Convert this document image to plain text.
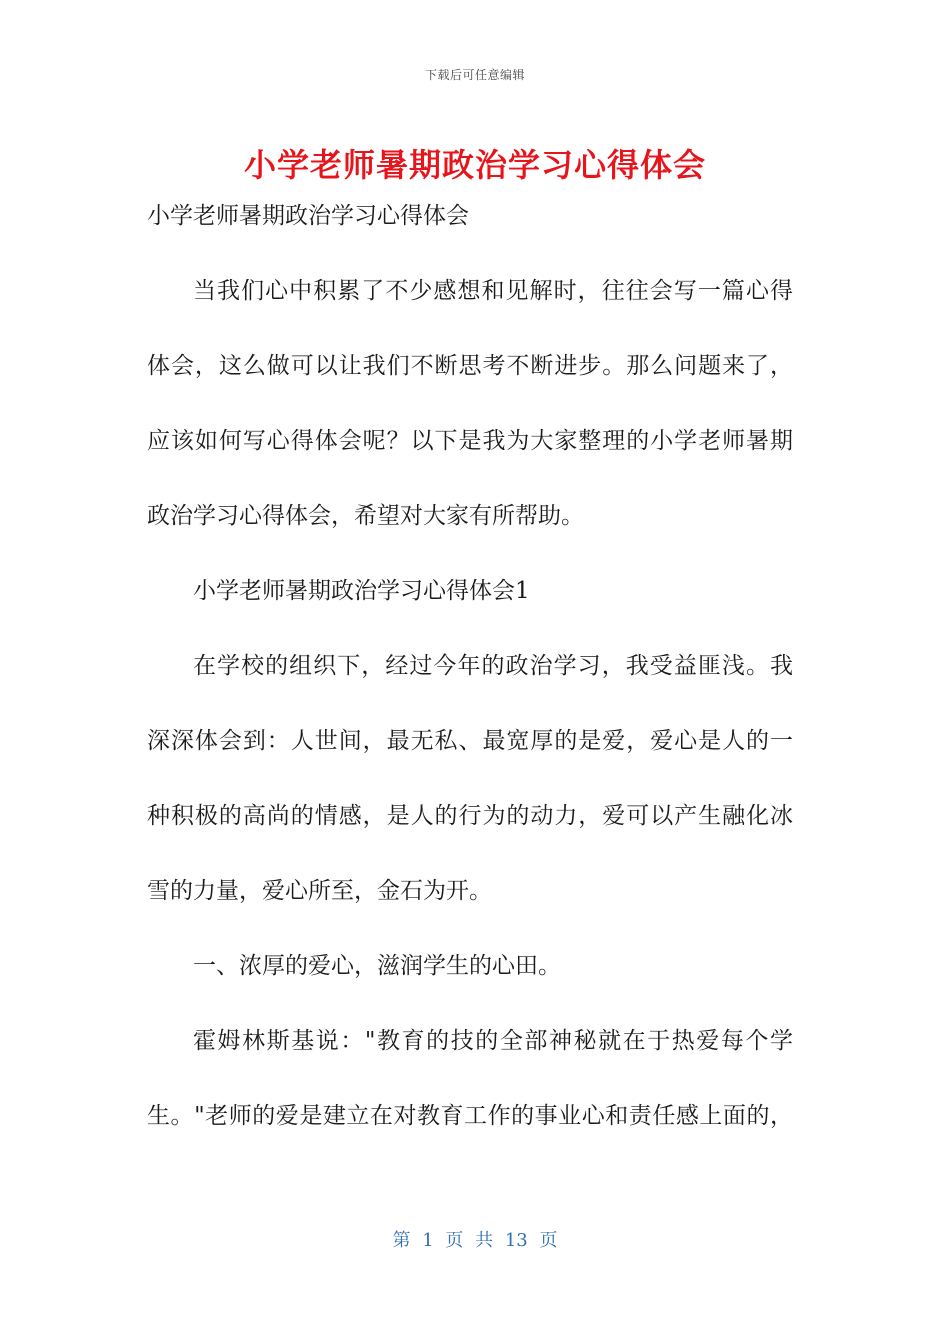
下载后可任意编辑
小学老师暑期政治学习心得体会
小学老师暑期政治学习心得体会
当我们心中积累了不少感想和见解时，往往会写一篇心得
体会，这么做可以让我们不断思考不断进步。那么问题来了，
应该如何写心得体会呢？以下是我为大家整理的小学老师暑期
政治学习心得体会，希望对大家有所帮助。
小学老师暑期政治学习心得体会1
在学校的组织下，经过今年的政治学习，我受益匪浅。我
深深体会到：人世间，最无私、最宽厚的是爱，爱心是人的一
种积极的高尚的情感，是人的行为的动力，爱可以产生融化冰
雪的力量，爱心所至，金石为开。
一、浓厚的爱心，滋润学生的心田。
霍姆林斯基说："教育的技的全部神秘就在于热爱每个学
生。"老师的爱是建立在对教育工作的事业心和责任感上面的，
第 1 页 共 13 页
